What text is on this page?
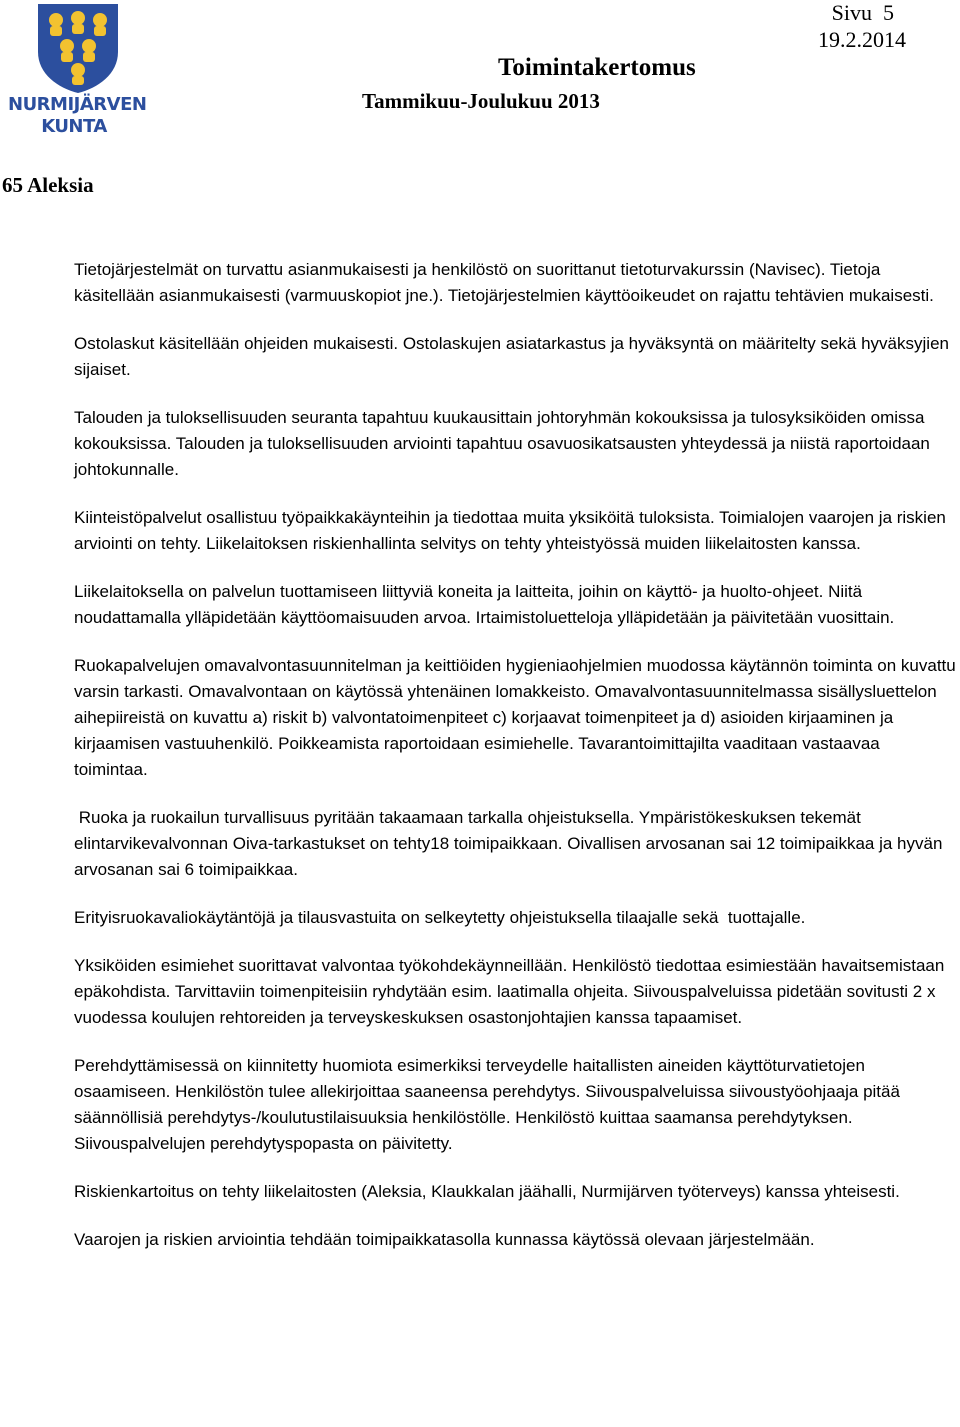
NURMIJÄRVEN
KUNTA
Sivu  5
19.2.2014
Toimintakertomus
Tammikuu-Joulukuu 2013
65 Aleksia

Tietojärjestelmät on turvattu asianmukaisesti ja henkilöstö on suorittanut tietoturvakurssin (Navisec). Tietoja käsitellään asianmukaisesti (varmuuskopiot jne.). Tietojärjestelmien käyttöoikeudet on rajattu tehtävien mukaisesti.

Ostolaskut käsitellään ohjeiden mukaisesti. Ostolaskujen asiatarkastus ja hyväksyntä on määritelty sekä hyväksyjien sijaiset.

Talouden ja tuloksellisuuden seuranta tapahtuu kuukausittain johtoryhmän kokouksissa ja tulosyksiköiden omissa kokouksissa. Talouden ja tuloksellisuuden arviointi tapahtuu osavuosikatsausten yhteydessä ja niistä raportoidaan johtokunnalle.

Kiinteistöpalvelut osallistuu työpaikkakäynteihin ja tiedottaa muita yksiköitä tuloksista. Toimialojen vaarojen ja riskien arviointi on tehty. Liikelaitoksen riskienhallinta selvitys on tehty yhteistyössä muiden liikelaitosten kanssa.

Liikelaitoksella on palvelun tuottamiseen liittyviä koneita ja laitteita, joihin on käyttö- ja huolto-ohjeet. Niitä noudattamalla ylläpidetään käyttöomaisuuden arvoa. Irtaimistoluetteloja ylläpidetään ja päivitetään vuosittain.

Ruokapalvelujen omavalvontasuunnitelman ja keittiöiden hygieniaohjelmien muodossa käytännön toiminta on kuvattu varsin tarkasti. Omavalvontaan on käytössä yhtenäinen lomakkeisto. Omavalvontasuunnitelmassa sisällysluettelon aihepiireistä on kuvattu a) riskit b) valvontatoimenpiteet c) korjaavat toimenpiteet ja d) asioiden kirjaaminen ja kirjaamisen vastuuhenkilö. Poikkeamista raportoidaan esimiehelle. Tavarantoimittajilta vaaditaan vastaavaa toimintaa.

Ruoka ja ruokailun turvallisuus pyritään takaamaan tarkalla ohjeistuksella. Ympäristökeskuksen tekemät elintarvikevalvonnan Oiva-tarkastukset on tehty18 toimipaikkaan. Oivallisen arvosanan sai 12 toimipaikkaa ja hyvän arvosanan sai 6 toimipaikkaa.

Erityisruokavaliokäytäntöjä ja tilausvastuita on selkeytetty ohjeistuksella tilaajalle sekä  tuottajalle.

Yksiköiden esimiehet suorittavat valvontaa työkohdekäynneillään. Henkilöstö tiedottaa esimiestään havaitsemistaan epäkohdista. Tarvittaviin toimenpiteisiin ryhdytään esim. laatimalla ohjeita. Siivouspalveluissa pidetään sovitusti 2 x vuodessa koulujen rehtoreiden ja terveyskeskuksen osastonjohtajien kanssa tapaamiset.

Perehdyttämisessä on kiinnitetty huomiota esimerkiksi terveydelle haitallisten aineiden käyttöturvatietojen osaamiseen. Henkilöstön tulee allekirjoittaa saaneensa perehdytys. Siivouspalveluissa siivoustyöohjaaja pitää säännöllisiä perehdytys-/koulutustilaisuuksia henkilöstölle. Henkilöstö kuittaa saamansa perehdytyksen. Siivouspalvelujen perehdytyspopasta on päivitetty.

Riskienkartoitus on tehty liikelaitosten (Aleksia, Klaukkalan jäähalli, Nurmijärven työterveys) kanssa yhteisesti.

Vaarojen ja riskien arviointia tehdään toimipaikkatasolla kunnassa käytössä olevaan järjestelmään.
